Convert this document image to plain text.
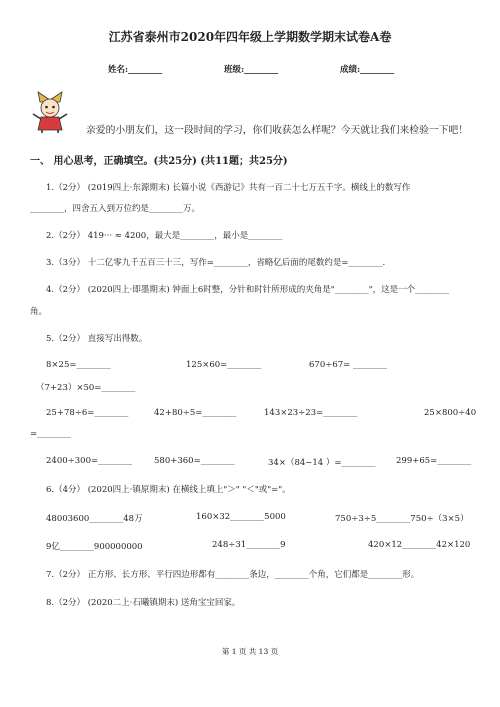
江苏省泰州市2020年四年级上学期数学期末试卷A卷
姓名:________	班级:________	成绩:________
亲爱的小朋友们，这一段时间的学习，你们收获怎么样呢？今天就让我们来检验一下吧！
一、 用心思考，正确填空。(共25分) (共11题；共25分)
1.（2分） (2019四上·东源期末) 长篇小说《西游记》共有一百二十七万五千字。横线上的数写作
________，四舍五入到万位约是________万。
2.（2分） 419··· ≈ 4200，最大是________，最小是________
3.（3分） 十二亿零九千五百三十三，写作=________，省略亿后面的尾数约是=________.
4.（2分） (2020四上·即墨期末) 钟面上6时整，分针和时针所形成的夹角是"________"，这是一个________
角。
5.（2分） 直接写出得数。
8×25=________	125×60=________	670÷67= ________
（7+23）×50=________
25+78÷6=________	42+80÷5=________	143×23÷23=________	25×800÷40
=________
2400÷300=________	580+360=________	34×（84−14 ）=________ 299+65=________
6.（4分） (2020四上·镇原期末) 在横线上填上"＞" "＜"或"="。
48003600________48万	160×32________5000	750÷3÷5________750÷（3×5）
9亿________900000000	248÷31________9	420×12________42×120
7.（2分） 正方形、长方形、平行四边形都有________条边，________个角，它们都是________形。
8.（2分） (2020二上·石曦镇期末) 送角宝宝回家。
第 1 页 共 13 页
